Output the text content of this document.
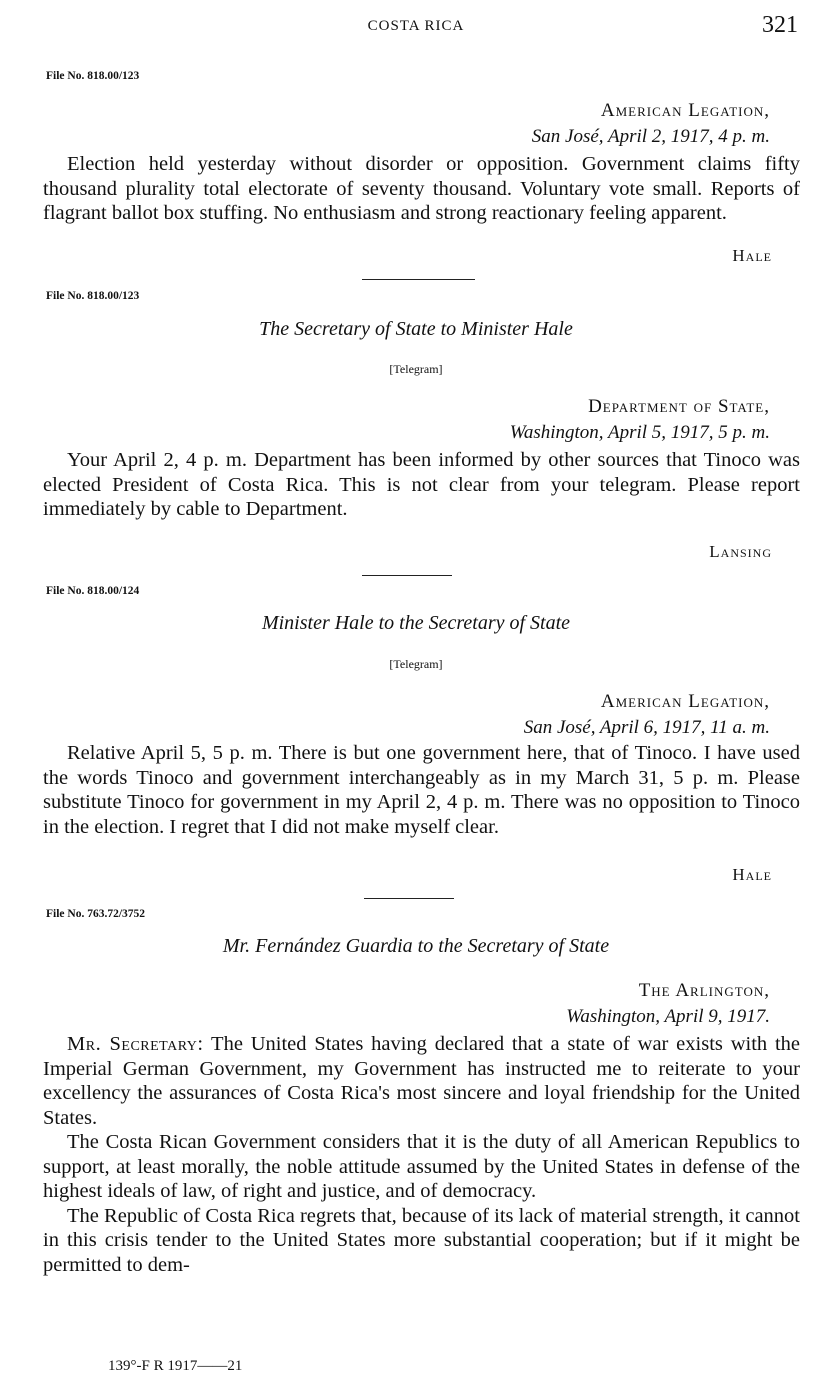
COSTA RICA	321
File No. 818.00/123
American Legation,
San José, April 2, 1917, 4 p. m.

Election held yesterday without disorder or opposition. Government claims fifty thousand plurality total electorate of seventy thousand. Voluntary vote small. Reports of flagrant ballot box stuffing. No enthusiasm and strong reactionary feeling apparent.

Hale
File No. 818.00/123
The Secretary of State to Minister Hale
[Telegram]
Department of State,
Washington, April 5, 1917, 5 p. m.

Your April 2, 4 p. m. Department has been informed by other sources that Tinoco was elected President of Costa Rica. This is not clear from your telegram. Please report immediately by cable to Department.

Lansing
File No. 818.00/124
Minister Hale to the Secretary of State
[Telegram]
American Legation,
San José, April 6, 1917, 11 a. m.

Relative April 5, 5 p. m. There is but one government here, that of Tinoco. I have used the words Tinoco and government interchangeably as in my March 31, 5 p. m. Please substitute Tinoco for government in my April 2, 4 p. m. There was no opposition to Tinoco in the election. I regret that I did not make myself clear.

Hale
File No. 763.72/3752
Mr. Fernández Guardia to the Secretary of State
The Arlington,
Washington, April 9, 1917.

Mr. Secretary: The United States having declared that a state of war exists with the Imperial German Government, my Government has instructed me to reiterate to your excellency the assurances of Costa Rica's most sincere and loyal friendship for the United States.

The Costa Rican Government considers that it is the duty of all American Republics to support, at least morally, the noble attitude assumed by the United States in defense of the highest ideals of law, of right and justice, and of democracy.

The Republic of Costa Rica regrets that, because of its lack of material strength, it cannot in this crisis tender to the United States more substantial cooperation; but if it might be permitted to dem-

139°-F R 1917——21
